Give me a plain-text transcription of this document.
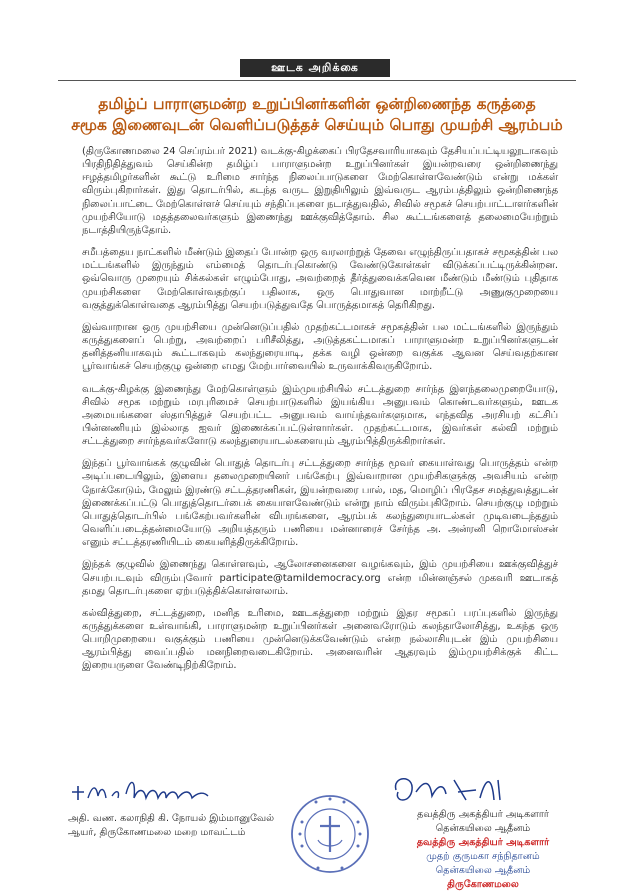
ஊடக அறிக்கை
தமிழ்ப் பாராளுமன்ற உறுப்பினர்களின் ஒன்றிணைந்த கருத்தை
சமூக இணைவுடன் வெளிப்படுத்தச் செய்யும் பொது முயற்சி ஆரம்பம்

(திருகோணமலை 24 செப்ரம்பர் 2021) வடக்கு-கிழக்கைப் பிரதேசவாரியாகவும் தேசியப்பட்டியலூடாகவும் பிரதிநிதித்துவம் செய்கின்ற தமிழ்ப் பாராளுமன்ற உறுப்பினர்கள் இயன்றவரை ஒன்றிணைந்து ஈழத்தமிழர்களின் கூட்டு உரிமை சார்ந்த நிலைப்பாடுகளை மேற்கொள்ளவேண்டும் என்று மக்கள் விரும்புகிறார்கள். இது தொடர்பில், கடந்த வருட இறுதியிலும் இவ்வருட ஆரம்பத்திலும் ஒன்றிணைந்த நிலைப்பாட்டை மேற்கொள்ளச் செய்யும் சந்திப்புகளை நடாத்துவதில், சிவில் சமூகச் செயற்பாட்டாளர்களின் முயற்சியோடு மதத்தலைவர்களும் இணைந்து ஊக்குவித்தோம். சில கூட்டங்களைத் தலைமையேற்றும் நடாத்தியிருந்தோம்.

சமீபத்தைய நாட்களில் மீண்டும் இதைப் போன்ற ஒரு வரலாற்றுத் தேவை எழுந்திருப்பதாகச் சமூகத்தின் பல மட்டங்களில் இருந்தும் எம்மைத் தொடர்புகொண்டு வேண்டுகோள்கள் விடுக்கப்பட்டிருக்கின்றன. ஒவ்வொரு முறையும் சிக்கல்கள் எழும்போது, அவற்றைத் தீர்த்துவைக்கவென மீண்டும் மீண்டும் புதிதாக முயற்சிகளை மேற்கொள்வதற்குப் பதிலாக, ஒரு பொதுவான மாற்றீட்டு அணுகுமுறையை வகுத்துக்கொள்வதை ஆரம்பித்து செயற்படுத்துவதே பொருத்தமாகத் தெரிகிறது.

இவ்வாறான ஒரு முயற்சியை முன்னெடுப்பதில் முதற்கட்டமாகச் சமூகத்தின் பல மட்டங்களில் இருந்தும் கருத்துகளைப் பெற்று, அவற்றைப் பரிசீலித்து, அடுத்தகட்டமாகப் பாராளுமன்ற உறுப்பினர்களுடன் தனித்தனியாகவும் கூட்டாகவும் கலந்துரையாடி, தக்க வழி ஒன்றை வகுக்க ஆவன செய்வதற்கான பூர்வாங்கச் செயற்குழு ஒன்றை எமது மேற்பார்வையில் உருவாக்கிவருகிறோம்.

வடக்கு-கிழக்கு இணைந்து மேற்கொள்ளும் இம்முயற்சியில் சட்டத்துறை சார்ந்த இளந்தலைமுறையோடு, சிவில் சமூக மற்றும் மரபுரிமைச் செயற்பாடுகளில் இயங்கிய அனுபவம் கொண்டவர்களும், ஊடக அமையங்களை ஸ்தாபித்துச் செயற்பட்ட அனுபவம் வாய்ந்தவர்களுமாக, எந்தவித அரசியற் கட்சிப் பின்னணியும் இல்லாத ஐவர் இணைக்கப்பட்டுள்ளார்கள். முதற்கட்டமாக, இவர்கள் கல்வி மற்றும் சட்டத்துறை சார்ந்தவர்களோடு கலந்துரையாடல்களையும் ஆரம்பித்திருக்கிறார்கள்.

இந்தப் பூர்வாங்கக் குழுவின் பொதுத் தொடர்பு சட்டத்துறை சார்ந்த மூவர் கையாள்வது பொருத்தம் என்ற அடிப்படையிலும், இளைய தலைமுறையினர் பங்கேற்பு இவ்வாறான முயற்சிகளுக்கு அவசியம் என்ற நோக்கோடும், மேலும் இரண்டு சட்டத்தரணிகள், இயன்றவரை பால், மத, மொழிப் பிரதேச சமத்துவத்துடன் இணைக்கப்பட்டு பொதுத்தொடர்பைக் கையாளவேண்டும் என்று நாம் விரும்புகிறோம். செயற்குழு மற்றும் பொதுத்தொடர்பில் பங்கேற்பவர்களின் விபரங்களை, ஆரம்பக் கலந்துரையாடல்கள் முடிவடைந்ததும் வெளிப்படைத்தன்மையோடு அறியத்தரும் பணியை மன்னாரைச் சேர்ந்த அ. அன்ரனி றொமோஸ்சன் எனும் சட்டத்தரணியிடம் கையளித்திருக்கிறோம்.

இந்தக் குழுவில் இணைந்து கொள்ளவும், ஆலோசனைகளை வழங்கவும், இம் முயற்சியை ஊக்குவித்துச் செயற்படவும் விரும்புவோர் participate@tamildemocracy.org என்ற மின்னஞ்சல் முகவரி ஊடாகத் தமது தொடர்புகளை ஏற்படுத்திக்கொள்ளலாம்.

கல்வித்துறை, சட்டத்துறை, மனித உரிமை, ஊடகத்துறை மற்றும் இதர சமூகப் பரப்புகளில் இருந்து கருத்துக்களை உள்வாங்கி, பாராளுமன்ற உறுப்பினர்கள் அனைவரோடும் கலந்தாலோசித்து, உகந்த ஒரு பொறிமுறையை வகுக்கும் பணியை முன்னெடுக்கவேண்டும் என்ற நல்லாசியுடன் இம் முயற்சியை ஆரம்பித்து வைப்பதில் மனநிறைவடைகிறோம். அனைவரின் ஆதரவும் இம்முயற்சிக்குக் கிட்ட இறையருளை வேண்டிநிற்கிறோம்.

அதி. வண. கலாநிதி கி. நோயல் இம்மானுவேல்
ஆயர், திருகோணமலை மறை மாவட்டம்
தவத்திரு அகத்தியர் அடிகளார்
தென்கயிலை ஆதீனம்
தவத்திரு அகத்தியர் அடிகளார்
முதற் குருமகா சந்நிதானம்
தென்கயிலை ஆதீனம்
திருகோணமலை
